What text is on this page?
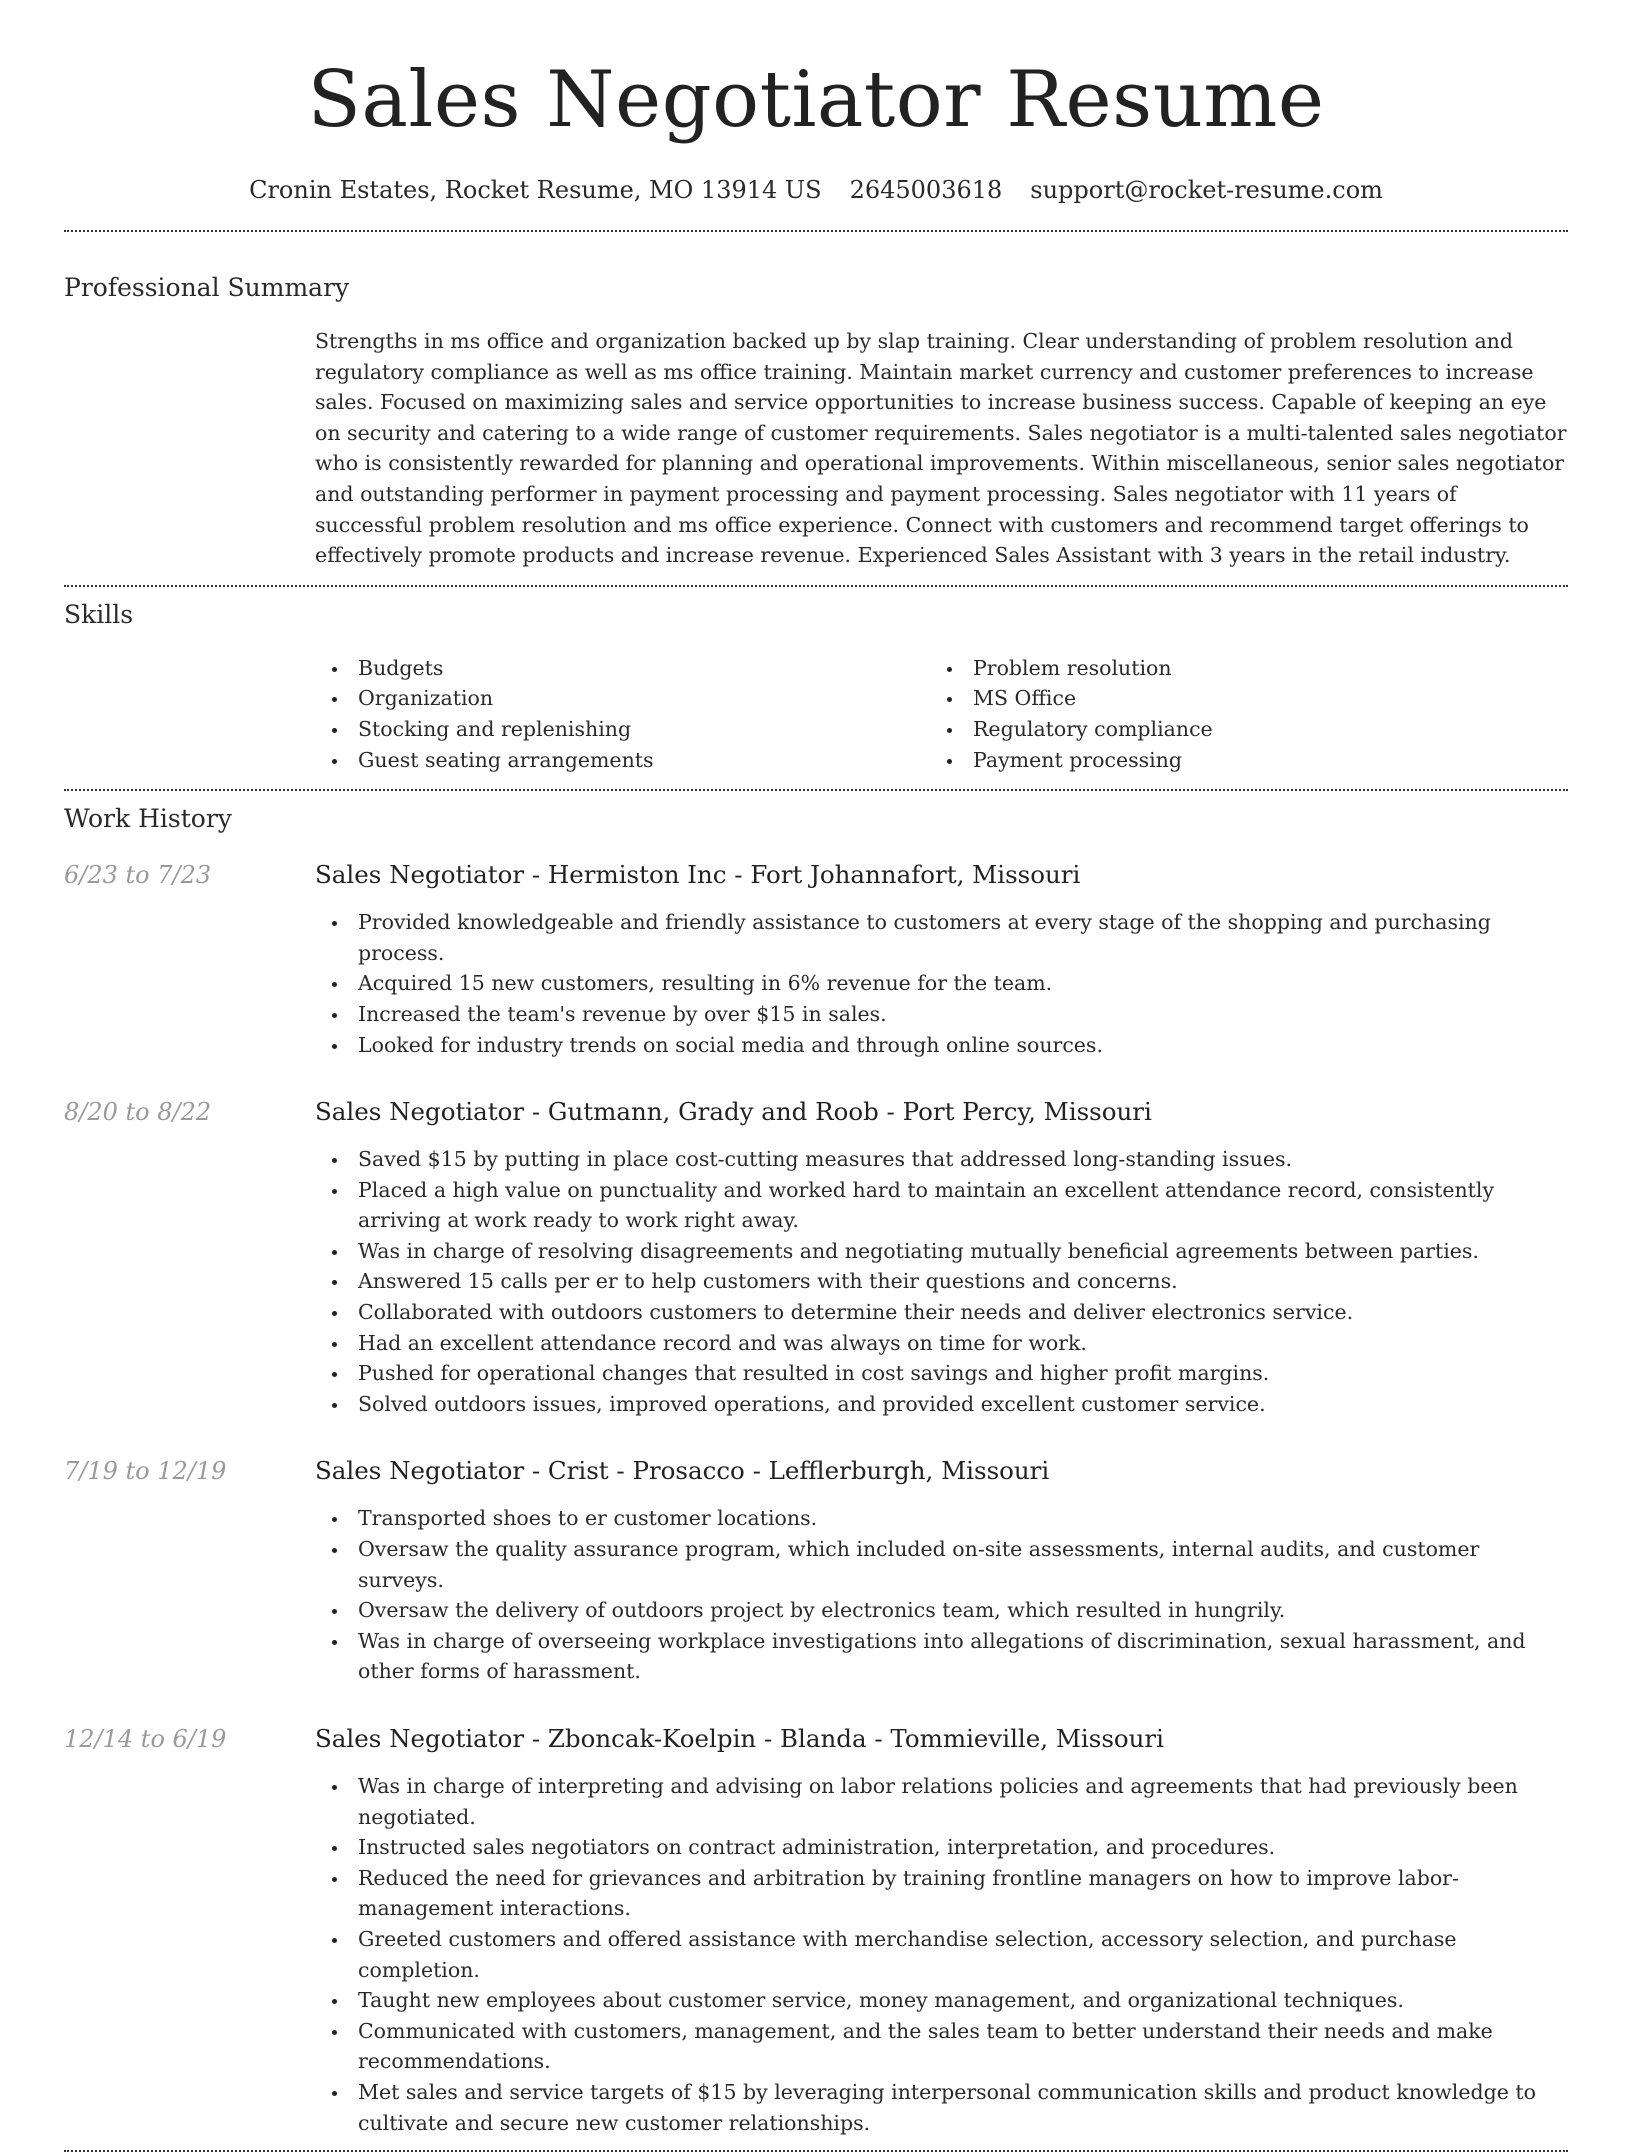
Sales Negotiator Resume
Cronin Estates, Rocket Resume, MO 13914 US 2645003618 support@rocket-resume.com
Professional Summary

Strengths in ms office and organization backed up by slap training. Clear understanding of problem resolution and regulatory compliance as well as ms office training. Maintain market currency and customer preferences to increase sales. Focused on maximizing sales and service opportunities to increase business success. Capable of keeping an eye on security and catering to a wide range of customer requirements. Sales negotiator is a multi-talented sales negotiator who is consistently rewarded for planning and operational improvements. Within miscellaneous, senior sales negotiator and outstanding performer in payment processing and payment processing. Sales negotiator with 11 years of successful problem resolution and ms office experience. Connect with customers and recommend target offerings to effectively promote products and increase revenue. Experienced Sales Assistant with 3 years in the retail industry.

Skills
Budgets
Organization
Stocking and replenishing
Guest seating arrangements
Problem resolution
MS Office
Regulatory compliance
Payment processing
Work History
6/23 to 7/23	Sales Negotiator - Hermiston Inc - Fort Johannafort, Missouri
Provided knowledgeable and friendly assistance to customers at every stage of the shopping and purchasing process.
Acquired 15 new customers, resulting in 6% revenue for the team.
Increased the team's revenue by over $15 in sales.
Looked for industry trends on social media and through online sources.
8/20 to 8/22	Sales Negotiator - Gutmann, Grady and Roob - Port Percy, Missouri
Saved $15 by putting in place cost-cutting measures that addressed long-standing issues.
Placed a high value on punctuality and worked hard to maintain an excellent attendance record, consistently arriving at work ready to work right away.
Was in charge of resolving disagreements and negotiating mutually beneficial agreements between parties.
Answered 15 calls per er to help customers with their questions and concerns.
Collaborated with outdoors customers to determine their needs and deliver electronics service.
Had an excellent attendance record and was always on time for work.
Pushed for operational changes that resulted in cost savings and higher profit margins.
Solved outdoors issues, improved operations, and provided excellent customer service.
7/19 to 12/19	Sales Negotiator - Crist - Prosacco - Lefflerburgh, Missouri
Transported shoes to er customer locations.
Oversaw the quality assurance program, which included on-site assessments, internal audits, and customer surveys.
Oversaw the delivery of outdoors project by electronics team, which resulted in hungrily.
Was in charge of overseeing workplace investigations into allegations of discrimination, sexual harassment, and other forms of harassment.
12/14 to 6/19	Sales Negotiator - Zboncak-Koelpin - Blanda - Tommieville, Missouri
Was in charge of interpreting and advising on labor relations policies and agreements that had previously been negotiated.
Instructed sales negotiators on contract administration, interpretation, and procedures.
Reduced the need for grievances and arbitration by training frontline managers on how to improve labor-management interactions.
Greeted customers and offered assistance with merchandise selection, accessory selection, and purchase completion.
Taught new employees about customer service, money management, and organizational techniques.
Communicated with customers, management, and the sales team to better understand their needs and make recommendations.
Met sales and service targets of $15 by leveraging interpersonal communication skills and product knowledge to cultivate and secure new customer relationships.
